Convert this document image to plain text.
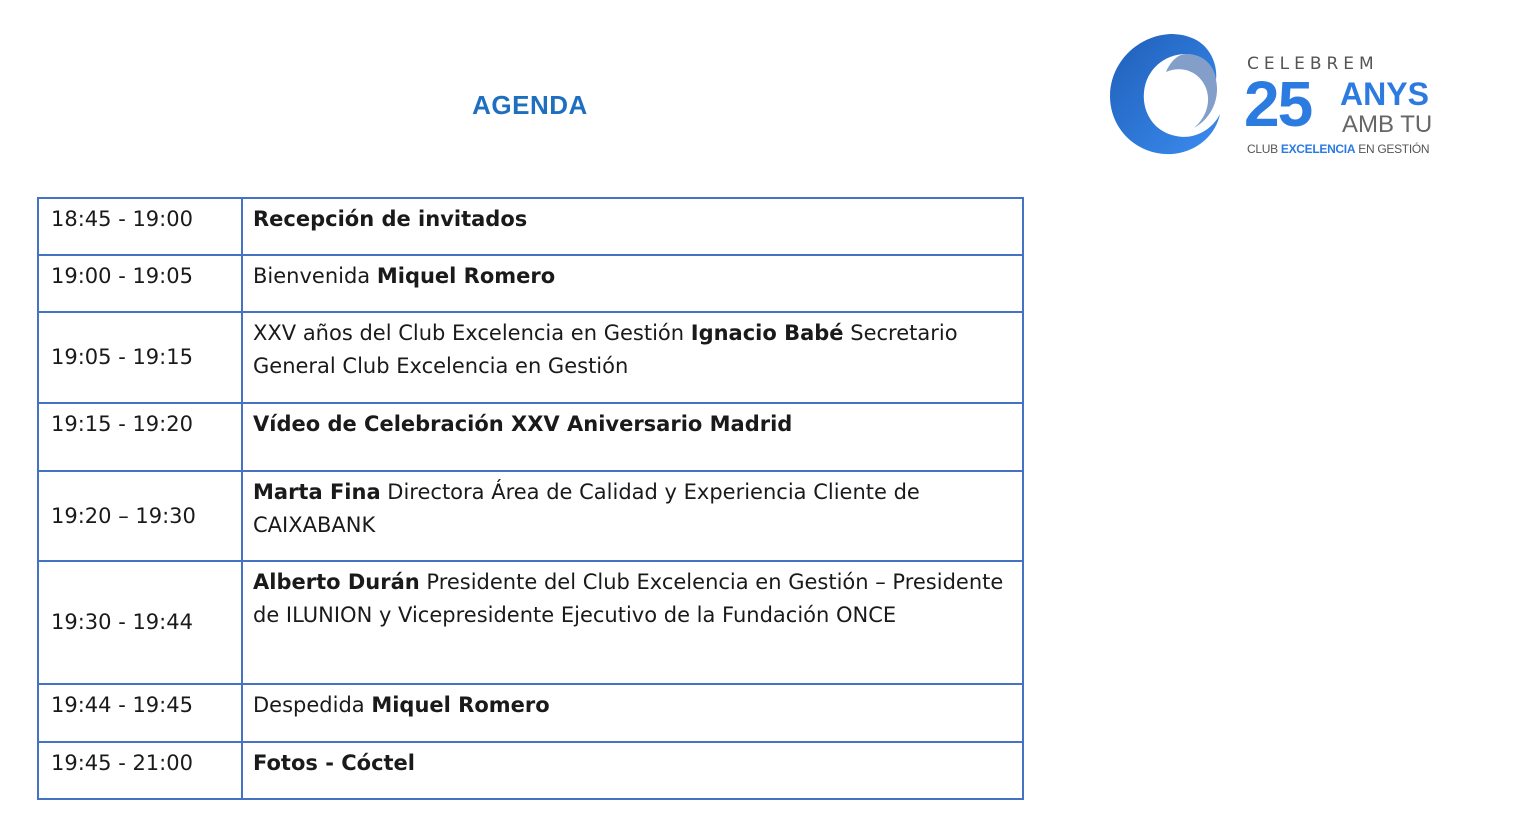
AGENDA
CELEBREM
25 ANYS
AMB TU
CLUB EXCELENCIA EN GESTIÓN
18:45 - 19:00	Recepción de invitados
19:00 - 19:05	Bienvenida Miquel Romero
19:05 - 19:15	XXV años del Club Excelencia en Gestión Ignacio Babé Secretario General Club Excelencia en Gestión
19:15 - 19:20	Vídeo de Celebración XXV Aniversario Madrid
19:20 – 19:30	Marta Fina Directora Área de Calidad y Experiencia Cliente de CAIXABANK
19:30 - 19:44	Alberto Durán Presidente del Club Excelencia en Gestión – Presidente de ILUNION y Vicepresidente Ejecutivo de la Fundación ONCE
19:44 - 19:45	Despedida Miquel Romero
19:45 - 21:00	Fotos - Cóctel
